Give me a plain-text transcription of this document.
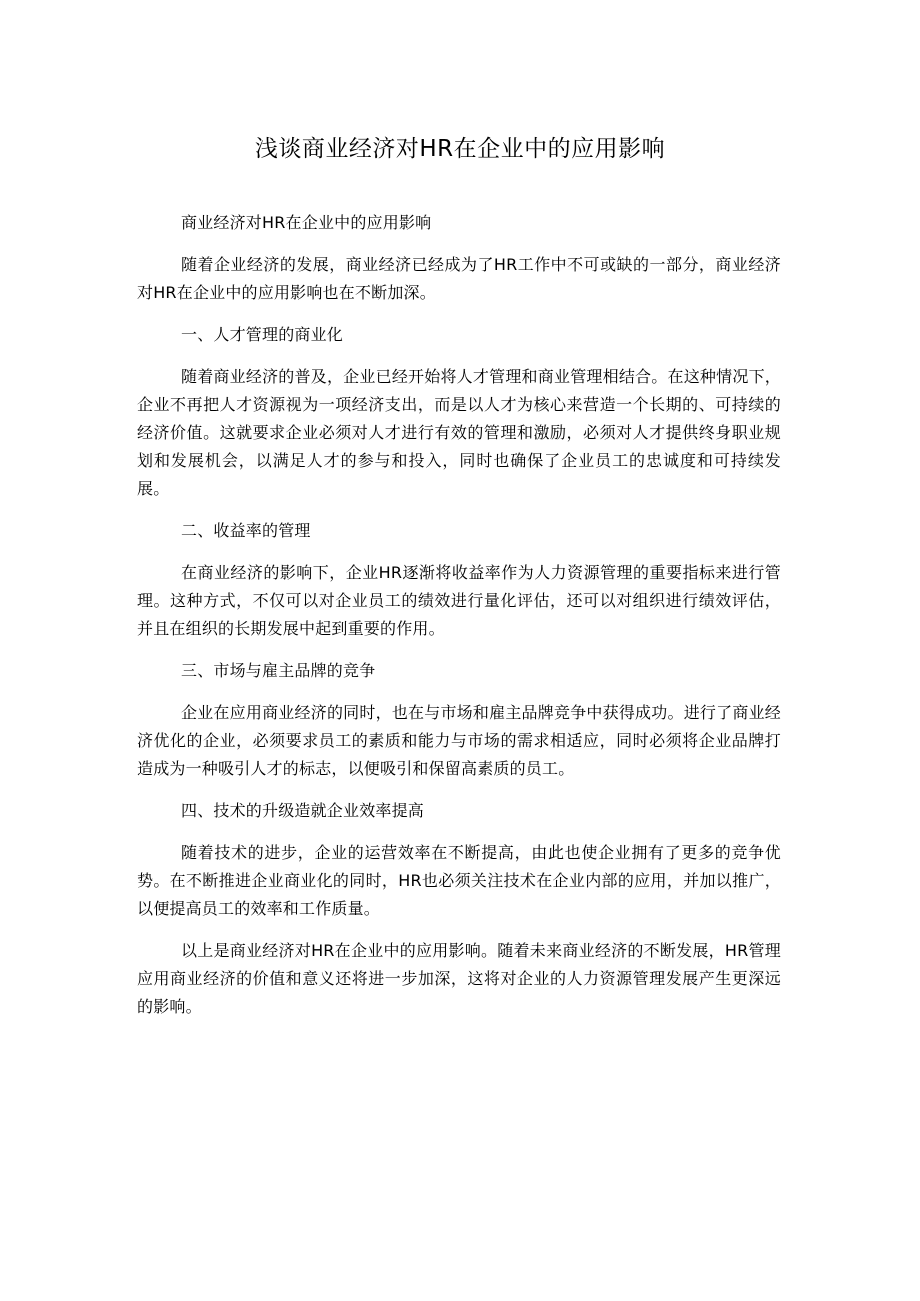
浅谈商业经济对HR在企业中的应用影响

商业经济对HR在企业中的应用影响

随着企业经济的发展，商业经济已经成为了HR工作中不可或缺的一部分，商业经济对HR在企业中的应用影响也在不断加深。

一、人才管理的商业化

随着商业经济的普及，企业已经开始将人才管理和商业管理相结合。在这种情况下，企业不再把人才资源视为一项经济支出，而是以人才为核心来营造一个长期的、可持续的经济价值。这就要求企业必须对人才进行有效的管理和激励，必须对人才提供终身职业规划和发展机会，以满足人才的参与和投入，同时也确保了企业员工的忠诚度和可持续发展。

二、收益率的管理

在商业经济的影响下，企业HR逐渐将收益率作为人力资源管理的重要指标来进行管理。这种方式，不仅可以对企业员工的绩效进行量化评估，还可以对组织进行绩效评估，并且在组织的长期发展中起到重要的作用。

三、市场与雇主品牌的竞争

企业在应用商业经济的同时，也在与市场和雇主品牌竞争中获得成功。进行了商业经济优化的企业，必须要求员工的素质和能力与市场的需求相适应，同时必须将企业品牌打造成为一种吸引人才的标志，以便吸引和保留高素质的员工。

四、技术的升级造就企业效率提高

随着技术的进步，企业的运营效率在不断提高，由此也使企业拥有了更多的竞争优势。在不断推进企业商业化的同时，HR也必须关注技术在企业内部的应用，并加以推广，以便提高员工的效率和工作质量。

以上是商业经济对HR在企业中的应用影响。随着未来商业经济的不断发展，HR管理应用商业经济的价值和意义还将进一步加深，这将对企业的人力资源管理发展产生更深远的影响。
